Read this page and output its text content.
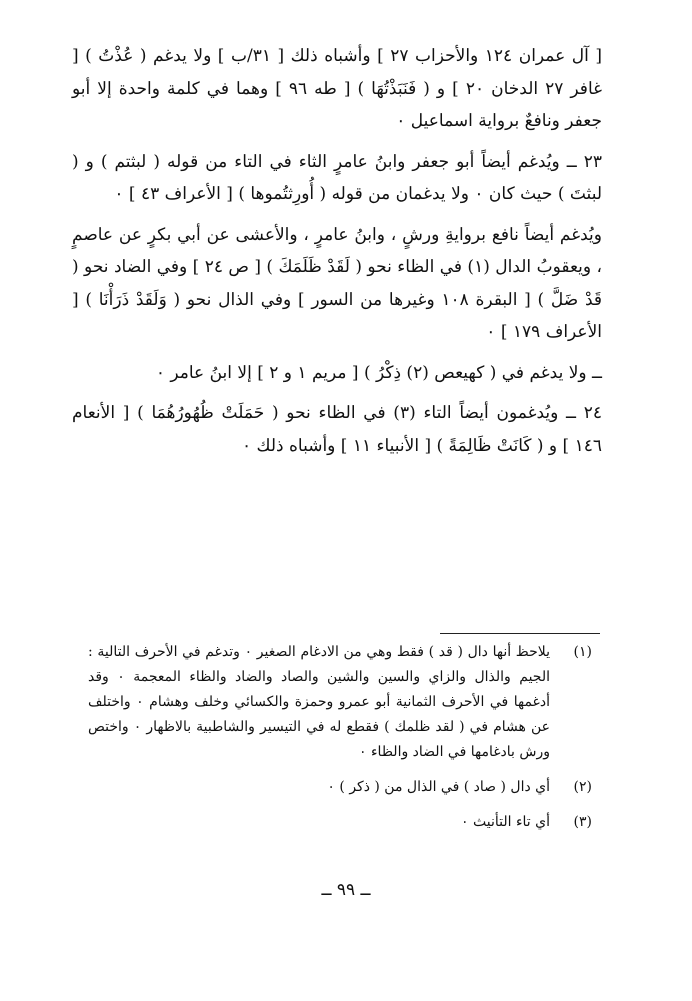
[ آل عمران ١٢٤ والأحزاب ٢٧ ] وأشباه ذلك [ ٣١/ب ] ولا يدغم ( عُذْتُ ) [ غافر ٢٧ الدخان ٢٠ ] و ( فَنَبَذْتُهَا ) [ طه ٩٦ ] وهما في كلمة واحدة إلا أبو جعفر ونافعٌ برواية اسماعيل ٠

٢٣ ــ ويُدغم أيضاً أبو جعفر وابنُ عامرٍ الثاء في التاء من قوله ( لبثتم ) و ( لبثتَ ) حيث كان ٠ ولا يدغمان من قوله ( أُورِثتُموها ) [ الأعراف ٤٣ ] ٠

ويُدغم أيضاً نافع بروايةِ ورشٍ ، وابنُ عامرٍ ، والأعشى عن أبي بكرٍ عن عاصمٍ ، ويعقوبُ الدال (١) في الظاء نحو ( لَقَدْ ظَلَمَكَ ) [ ص ٢٤ ] وفي الضاد نحو ( قَدْ ضَلَّ ) [ البقرة ١٠٨ وغيرها من السور ] وفي الذال نحو ( وَلَقَدْ ذَرَأْنَا ) [ الأعراف ١٧٩ ] ٠

ــ ولا يدغم في ( كهيعص (٢) ذِكْرُ ) [ مريم ١ و ٢ ] إلا ابنُ عامر ٠

٢٤ ــ ويُدغمون أيضاً التاء (٣) في الظاء نحو ( حَمَلَتْ ظُهُورُهُمَا ) [ الأنعام ١٤٦ ] و ( كَانَتْ ظَالِمَةً ) [ الأنبياء ١١ ] وأشباه ذلك ٠

(١)
يلاحظ أنها دال ( قد ) فقط وهي من الادغام الصغير ٠ وتدغم في الأحرف التالية : الجيم والذال والزاي والسين والشين والصاد والضاد والظاء المعجمة ٠ وقد أدغمها في الأحرف الثمانية أبو عمرو وحمزة والكسائي وخلف وهشام ٠ واختلف عن هشام في ( لقد ظلمك ) فقطع له في التيسير والشاطبية بالاظهار ٠ واختص ورش بادغامها في الضاد والظاء ٠
(٢)
أي دال ( صاد ) في الذال من ( ذكر ) ٠
(٣)
أي تاء التأنيث ٠
ــ ٩٩ ــ
